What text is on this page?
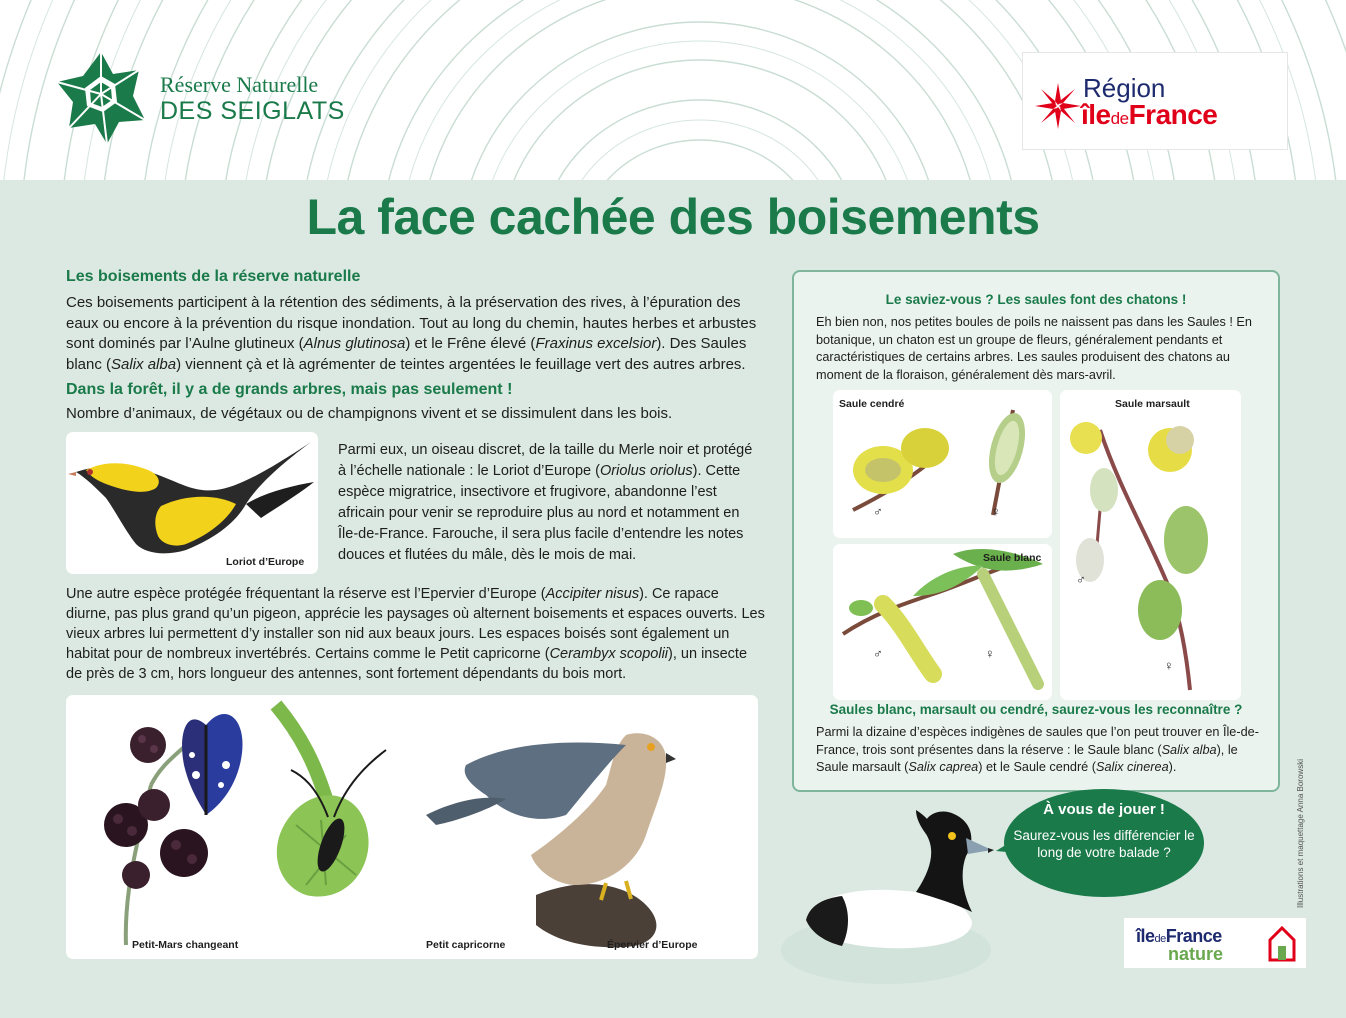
Réserve Naturelle
DES SEIGLATS
Région
îledeFrance
La face cachée des boisements
Les boisements de la réserve naturelle
Ces boisements participent à la rétention des sédiments, à la préservation des rives, à l’épuration des eaux ou encore à la prévention du risque inondation. Tout au long du chemin, hautes herbes et arbustes sont dominés par l’Aulne glutineux (Alnus glutinosa) et le Frêne élevé (Fraxinus excelsior). Des Saules blanc (Salix alba) viennent çà et là agrémenter de teintes argentées le feuillage vert des autres arbres.
Dans la forêt, il y a de grands arbres, mais pas seulement !
Nombre d’animaux, de végétaux ou de champignons vivent et se dissimulent dans les bois.
Loriot d’Europe
Parmi eux, un oiseau discret, de la taille du Merle noir et protégé à l’échelle nationale : le Loriot d’Europe (Oriolus oriolus). Cette espèce migratrice, insectivore et frugivore, abandonne l’est africain pour venir se reproduire plus au nord et notamment en Île-de-France. Farouche, il sera plus facile d’entendre les notes douces et flutées du mâle, dès le mois de mai.
Une autre espèce protégée fréquentant la réserve est l’Epervier d’Europe (Accipiter nisus). Ce rapace diurne, pas plus grand qu’un pigeon, apprécie les paysages où alternent boisements et espaces ouverts. Les vieux arbres lui permettent d’y installer son nid aux beaux jours. Les espaces boisés sont également un habitat pour de nombreux invertébrés. Certains comme le Petit capricorne (Cerambyx scopolii), un insecte de près de 3 cm, hors longueur des antennes, sont fortement dépendants du bois mort.
Petit-Mars changeant	Petit capricorne	Épervier d’Europe
Le saviez-vous ? Les saules font des chatons !
Eh bien non, nos petites boules de poils ne naissent pas dans les Saules ! En botanique, un chaton est un groupe de fleurs, généralement pendants et caractéristiques de certains arbres. Les saules produisent des chatons au moment de la floraison, généralement dès mars-avril.
Saule cendré
♂	♀
Saule marsault
♂
♀
Saule blanc
♂	♀
Saules blanc, marsault ou cendré, saurez-vous les reconnaître ?
Parmi la dizaine d’espèces indigènes de saules que l’on peut trouver en Île-de-France, trois sont présentes dans la réserve : le Saule blanc (Salix alba), le Saule marsault (Salix caprea) et le Saule cendré (Salix cinerea).
À vous de jouer !
Saurez-vous les différencier le long de votre balade ?	Illustrations et maquettage Anna Borowski
îledeFrance
nature
